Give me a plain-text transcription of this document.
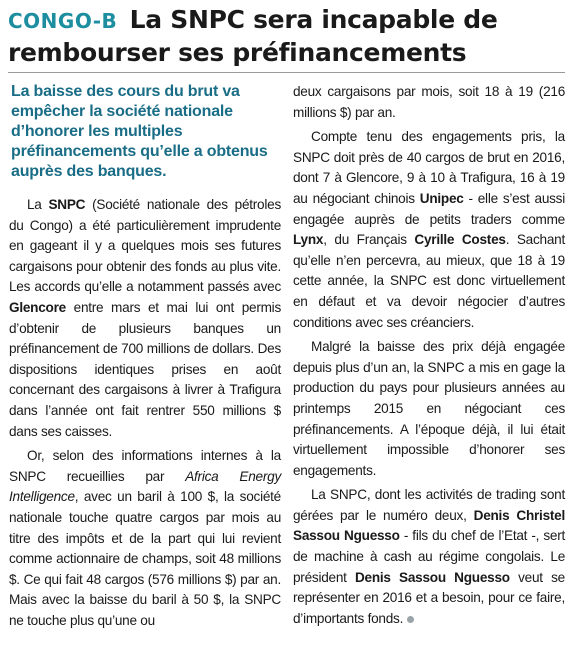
CONGO-B La SNPC sera incapable de rembourser ses préfinancements
La baisse des cours du brut va empêcher la société nationale d’honorer les multiples préfinancements qu’elle a obtenus auprès des banques.

La SNPC (Société nationale des pétroles du Congo) a été particulièrement imprudente en gageant il y a quelques mois ses futures cargaisons pour obtenir des fonds au plus vite. Les accords qu’elle a notamment passés avec Glencore entre mars et mai lui ont permis d’obtenir de plusieurs banques un préfinancement de 700 millions de dollars. Des dispositions identiques prises en août concernant des cargaisons à livrer à Trafigura dans l’année ont fait rentrer 550 millions $ dans ses caisses.

Or, selon des informations internes à la SNPC recueillies par Africa Energy Intelligence, avec un baril à 100 $, la société nationale touche quatre cargos par mois au titre des impôts et de la part qui lui revient comme actionnaire de champs, soit 48 millions $. Ce qui fait 48 cargos (576 millions $) par an. Mais avec la baisse du baril à 50 $, la SNPC ne touche plus qu’une ou

deux cargaisons par mois, soit 18 à 19 (216 millions $) par an.

Compte tenu des engagements pris, la SNPC doit près de 40 cargos de brut en 2016, dont 7 à Glencore, 9 à 10 à Trafigura, 16 à 19 au négociant chinois Unipec - elle s’est aussi engagée auprès de petits traders comme Lynx, du Français Cyrille Costes. Sachant qu’elle n’en percevra, au mieux, que 18 à 19 cette année, la SNPC est donc virtuellement en défaut et va devoir négocier d’autres conditions avec ses créanciers.

Malgré la baisse des prix déjà engagée depuis plus d’un an, la SNPC a mis en gage la production du pays pour plusieurs années au printemps 2015 en négociant ces préfinancements. A l’époque déjà, il lui était virtuellement impossible d’honorer ses engagements.

La SNPC, dont les activités de trading sont gérées par le numéro deux, Denis Christel Sassou Nguesso - fils du chef de l’Etat -, sert de machine à cash au régime congolais. Le président Denis Sassou Nguesso veut se représenter en 2016 et a besoin, pour ce faire, d’importants fonds.
